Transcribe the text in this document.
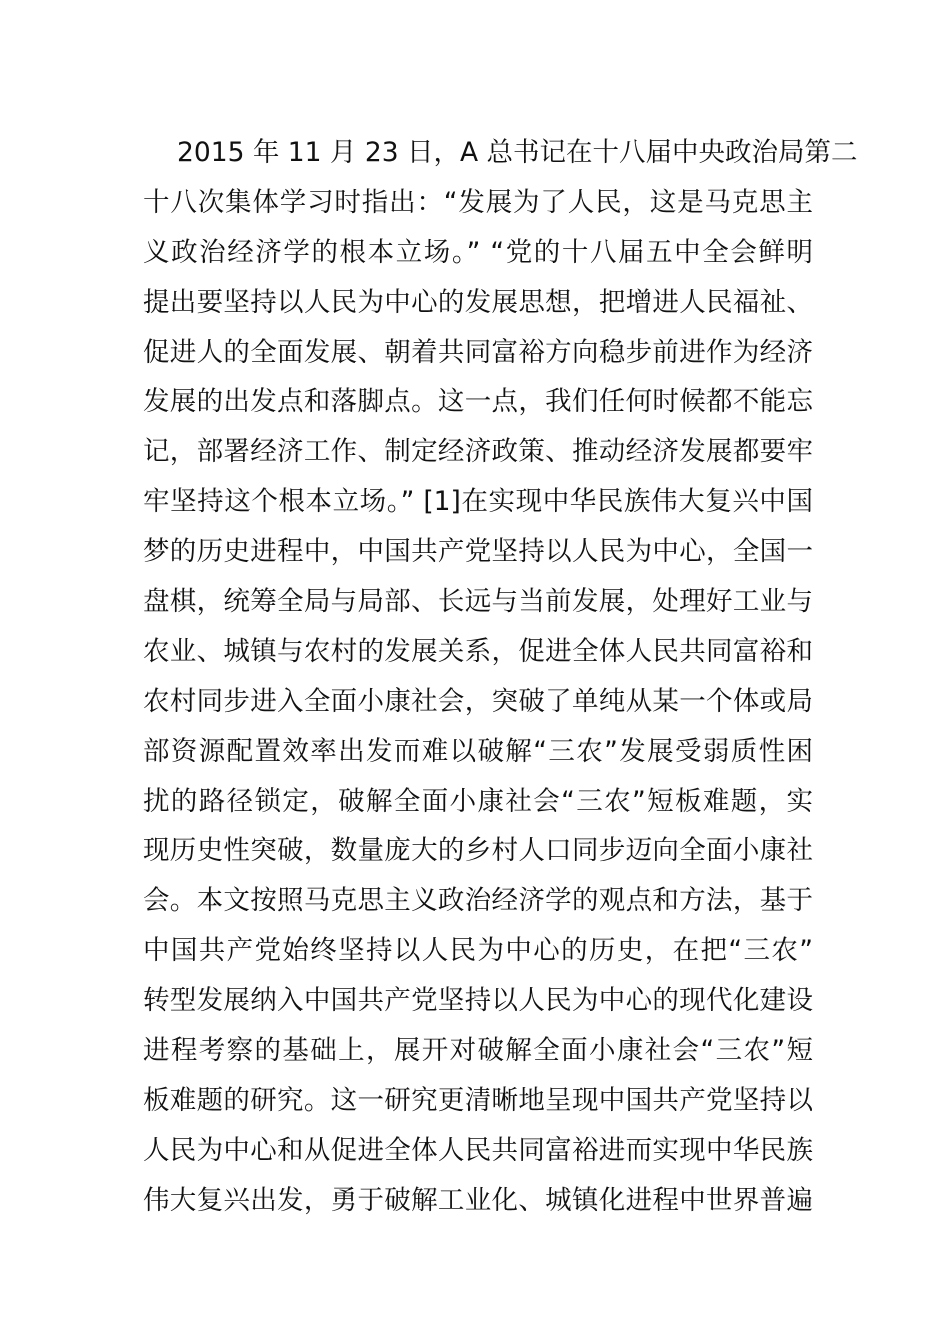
2015 年 11 月 23 日，A 总书记在十八届中央政治局第二
十八次集体学习时指出：“发展为了人民，这是马克思主
义政治经济学的根本立场。” “党的十八届五中全会鲜明
提出要坚持以人民为中心的发展思想，把增进人民福祉、
促进人的全面发展、朝着共同富裕方向稳步前进作为经济
发展的出发点和落脚点。这一点，我们任何时候都不能忘
记，部署经济工作、制定经济政策、推动经济发展都要牢
牢坚持这个根本立场。” [1]在实现中华民族伟大复兴中国
梦的历史进程中，中国共产党坚持以人民为中心，全国一
盘棋，统筹全局与局部、长远与当前发展，处理好工业与
农业、城镇与农村的发展关系，促进全体人民共同富裕和
农村同步进入全面小康社会，突破了单纯从某一个体或局
部资源配置效率出发而难以破解“三农”发展受弱质性困
扰的路径锁定，破解全面小康社会“三农”短板难题，实
现历史性突破，数量庞大的乡村人口同步迈向全面小康社
会。本文按照马克思主义政治经济学的观点和方法，基于
中国共产党始终坚持以人民为中心的历史，在把“三农”
转型发展纳入中国共产党坚持以人民为中心的现代化建设
进程考察的基础上，展开对破解全面小康社会“三农”短
板难题的研究。这一研究更清晰地呈现中国共产党坚持以
人民为中心和从促进全体人民共同富裕进而实现中华民族
伟大复兴出发，勇于破解工业化、城镇化进程中世界普遍
